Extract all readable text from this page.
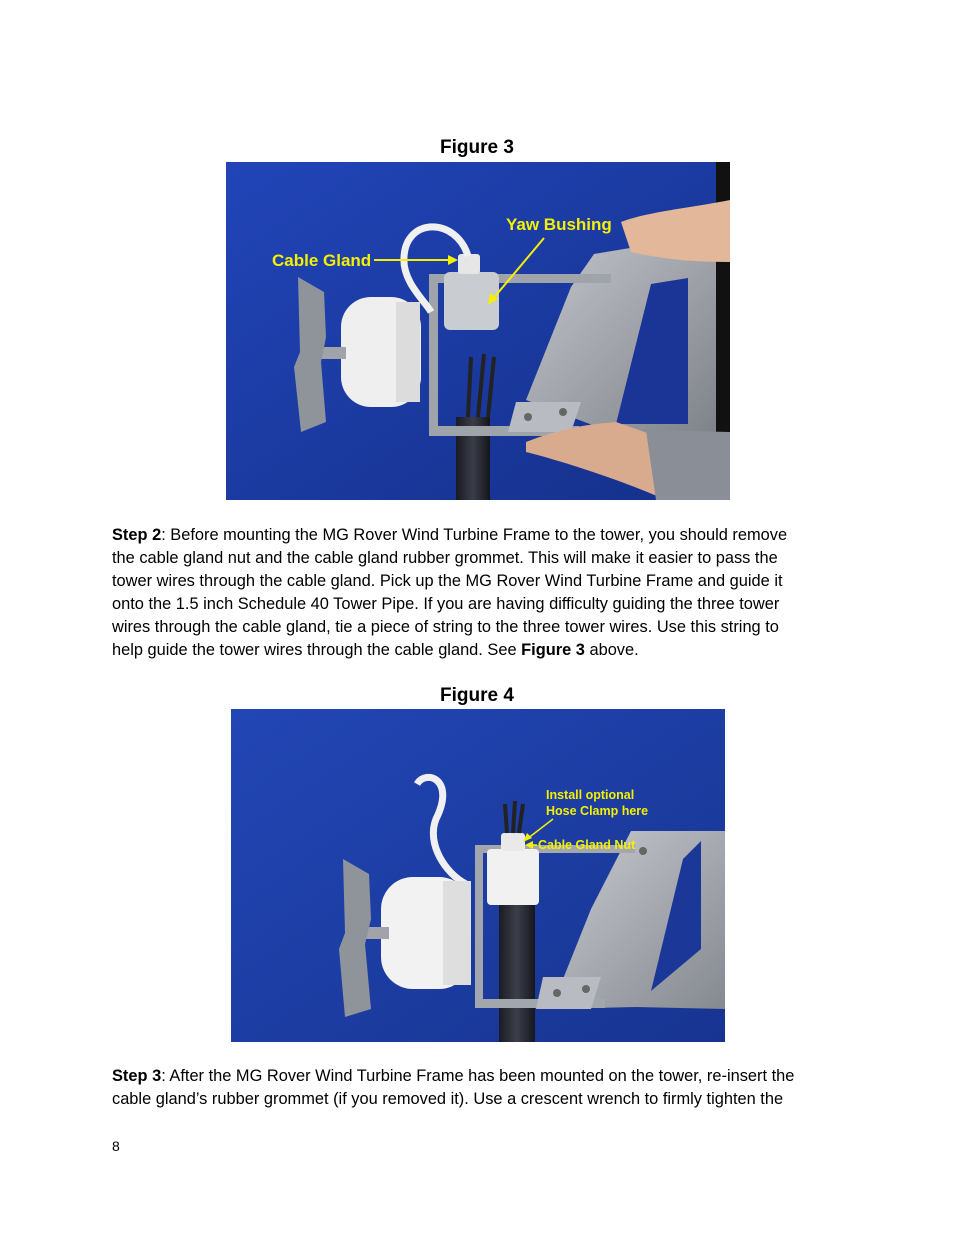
Figure 3
Cable Gland
Yaw Bushing
Step 2: Before mounting the MG Rover Wind Turbine Frame to the tower, you should remove
the cable gland nut and the cable gland rubber grommet. This will make it easier to pass the
tower wires through the cable gland. Pick up the MG Rover Wind Turbine Frame and guide it
onto the 1.5 inch Schedule 40 Tower Pipe. If you are having difficulty guiding the three tower
wires through the cable gland, tie a piece of string to the three tower wires. Use this string to
help guide the tower wires through the cable gland. See Figure 3 above.
Figure 4
Install optional
Hose Clamp here
Cable Gland Nut
Step 3: After the MG Rover Wind Turbine Frame has been mounted on the tower, re-insert the
cable gland’s rubber grommet (if you removed it). Use a crescent wrench to firmly tighten the
8
